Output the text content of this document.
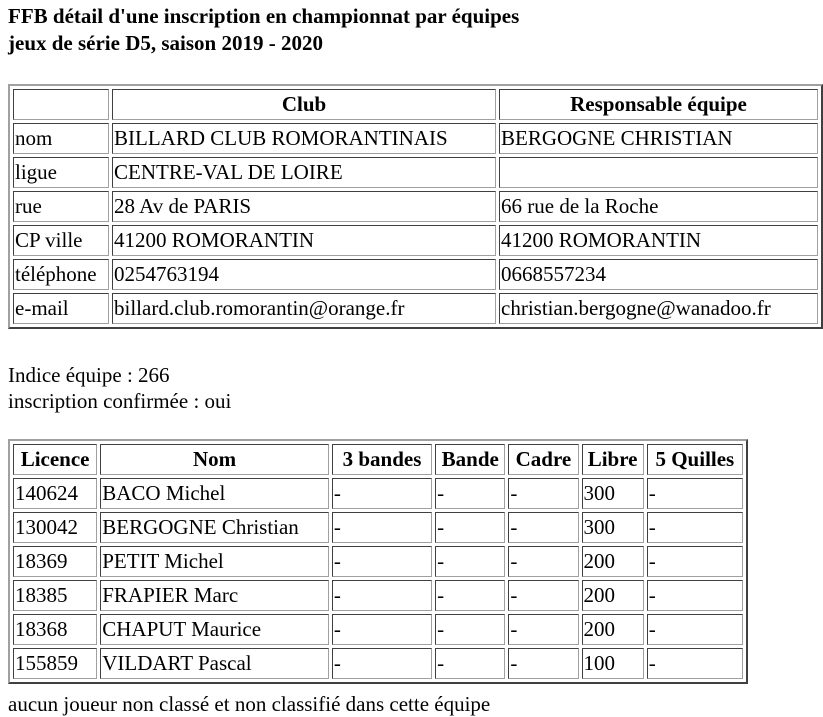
FFB détail d'une inscription en championnat par équipes
jeux de série D5, saison 2019 - 2020
	Club	Responsable équipe
nom	BILLARD CLUB ROMORANTINAIS	BERGOGNE CHRISTIAN
ligue	CENTRE-VAL DE LOIRE	
rue	28 Av de PARIS	66 rue de la Roche
CP ville	41200 ROMORANTIN	41200 ROMORANTIN
téléphone	0254763194	0668557234
e-mail	billard.club.romorantin@orange.fr	christian.bergogne@wanadoo.fr
Indice équipe : 266
inscription confirmée : oui
Licence	Nom	3 bandes	Bande	Cadre	Libre	5 Quilles
140624	BACO Michel	-	-	-	300	-
130042	BERGOGNE Christian	-	-	-	300	-
18369	PETIT Michel	-	-	-	200	-
18385	FRAPIER Marc	-	-	-	200	-
18368	CHAPUT Maurice	-	-	-	200	-
155859	VILDART Pascal	-	-	-	100	-
aucun joueur non classé et non classifié dans cette équipe
